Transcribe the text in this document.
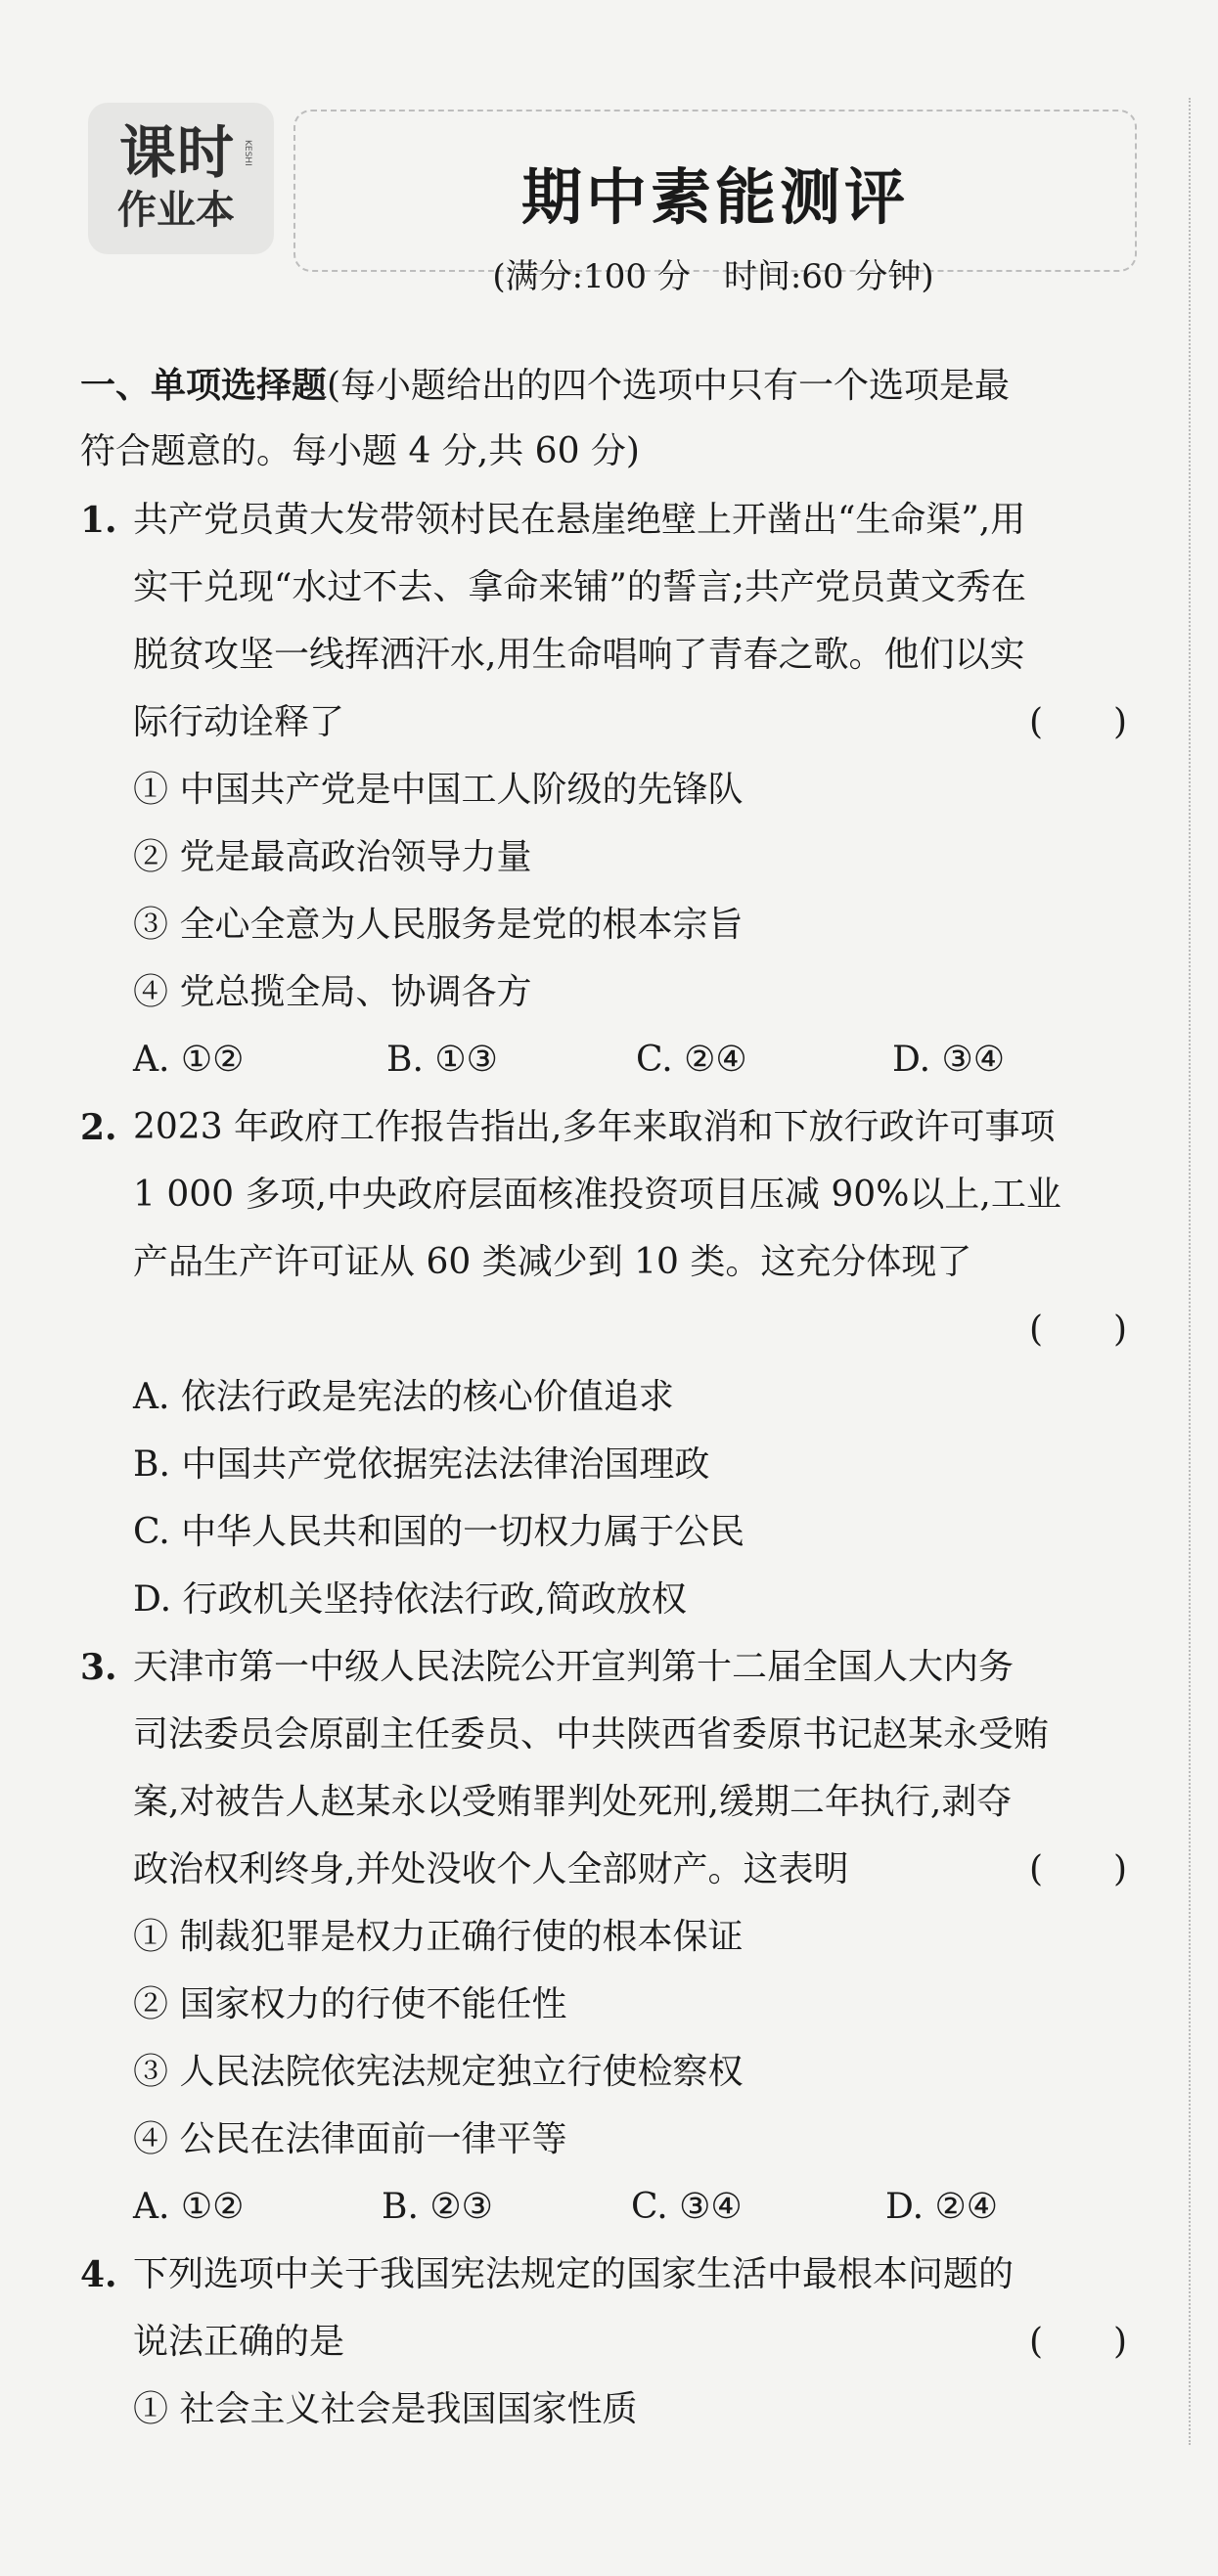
课时 KESHI
作业本	期中素能测评
(满分:100 分　时间:60 分钟)
一、单项选择题(每小题给出的四个选项中只有一个选项是最
符合题意的。每小题 4 分,共 60 分)
1. 共产党员黄大发带领村民在悬崖绝壁上开凿出“生命渠”,用
实干兑现“水过不去、拿命来铺”的誓言;共产党员黄文秀在
脱贫攻坚一线挥洒汗水,用生命唱响了青春之歌。他们以实
际行动诠释了	(　　)
① 中国共产党是中国工人阶级的先锋队
② 党是最高政治领导力量
③ 全心全意为人民服务是党的根本宗旨
④ 党总揽全局、协调各方
A. ①②	B. ①③	C. ②④	D. ③④
2. 2023 年政府工作报告指出,多年来取消和下放行政许可事项
1 000 多项,中央政府层面核准投资项目压减 90%以上,工业
产品生产许可证从 60 类减少到 10 类。这充分体现了
(　　)
A. 依法行政是宪法的核心价值追求
B. 中国共产党依据宪法法律治国理政
C. 中华人民共和国的一切权力属于公民
D. 行政机关坚持依法行政,简政放权
3. 天津市第一中级人民法院公开宣判第十二届全国人大内务
司法委员会原副主任委员、中共陕西省委原书记赵某永受贿
案,对被告人赵某永以受贿罪判处死刑,缓期二年执行,剥夺
政治权利终身,并处没收个人全部财产。这表明	(　　)
① 制裁犯罪是权力正确行使的根本保证
② 国家权力的行使不能任性
③ 人民法院依宪法规定独立行使检察权
④ 公民在法律面前一律平等
A. ①②	B. ②③	C. ③④	D. ②④
4. 下列选项中关于我国宪法规定的国家生活中最根本问题的
说法正确的是	(　　)
① 社会主义社会是我国国家性质
